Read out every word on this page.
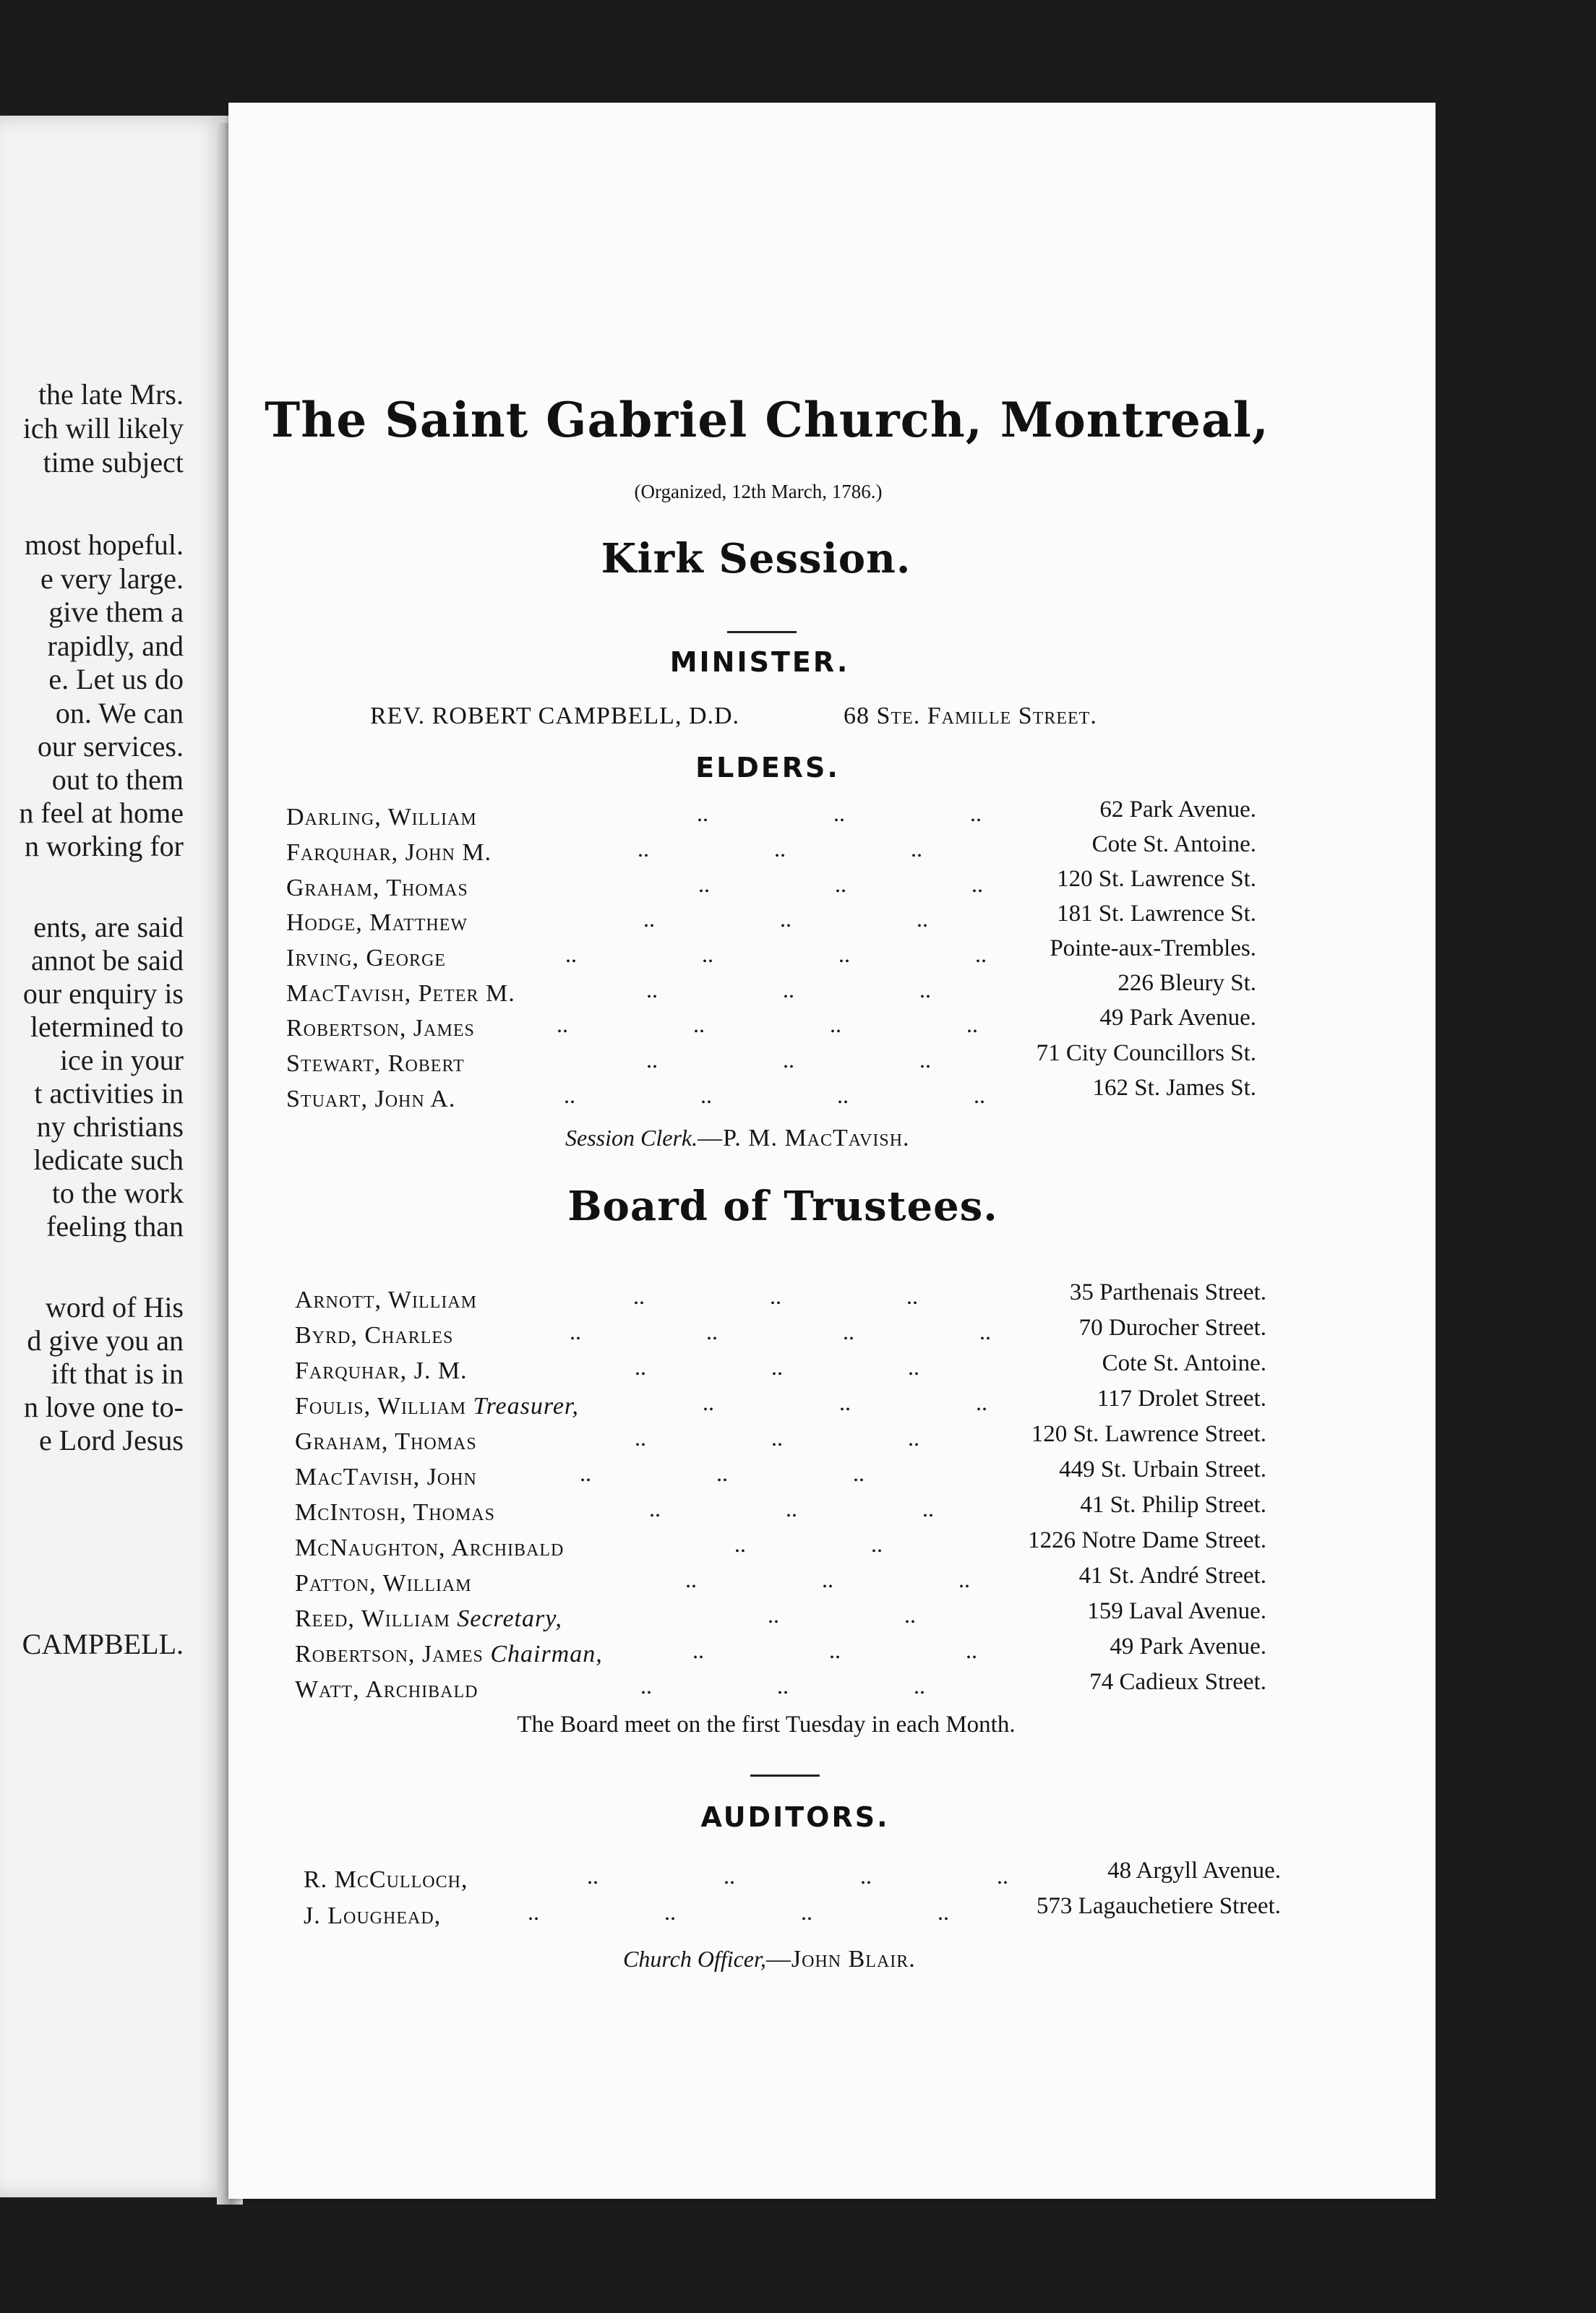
the late Mrs.
ich will likely
time subject
most hopeful.
e very large.
give them a
rapidly, and
e. Let us do
on. We can
our services.
out to them
n feel at home
n working for
ents, are said
annot be said
our enquiry is
letermined to
ice in your
t activities in
ny christians
ledicate such
to the work
feeling than
word of His
d give you an
ift that is in
n love one to-
e Lord Jesus
CAMPBELL.
The Saint Gabriel Church, Montreal,
(Organized, 12th March, 1786.)
Kirk Session.
MINISTER.
REV. ROBERT CAMPBELL, D.D.	68 Ste. Famille Street.
ELDERS.
Darling, William	..	..	..	62 Park Avenue.
Farquhar, John M.	..	..	..	Cote St. Antoine.
Graham, Thomas	..	..	..	120 St. Lawrence St.
Hodge, Matthew	..	..	..	181 St. Lawrence St.
Irving, George	..	..	..	..	Pointe-aux-Trembles.
MacTavish, Peter M.	..	..	..	226 Bleury St.
Robertson, James	..	..	..	..	49 Park Avenue.
Stewart, Robert	..	..	..	71 City Councillors St.
Stuart, John A.	..	..	..	..	162 St. James St.
Session Clerk.—P. M. MacTavish.
Board of Trustees.
Arnott, William	..	..	..	35 Parthenais Street.
Byrd, Charles	..	..	..	..	70 Durocher Street.
Farquhar, J. M.	..	..	..	Cote St. Antoine.
Foulis, William Treasurer,	..	..	..	117 Drolet Street.
Graham, Thomas	..	..	..	120 St. Lawrence Street.
MacTavish, John	..	..	..	449 St. Urbain Street.
McIntosh, Thomas	..	..	..	41 St. Philip Street.
McNaughton, Archibald	..	..	1226 Notre Dame Street.
Patton, William	..	..	..	41 St. André Street.
Reed, William Secretary,	..	..	159 Laval Avenue.
Robertson, James Chairman,	..	..	..	49 Park Avenue.
Watt, Archibald	..	..	..	74 Cadieux Street.
The Board meet on the first Tuesday in each Month.
AUDITORS.
R. McCulloch,	..	..	..	..	48 Argyll Avenue.
J. Loughead,	..	..	..	..	573 Lagauchetiere Street.
Church Officer,—John Blair.
